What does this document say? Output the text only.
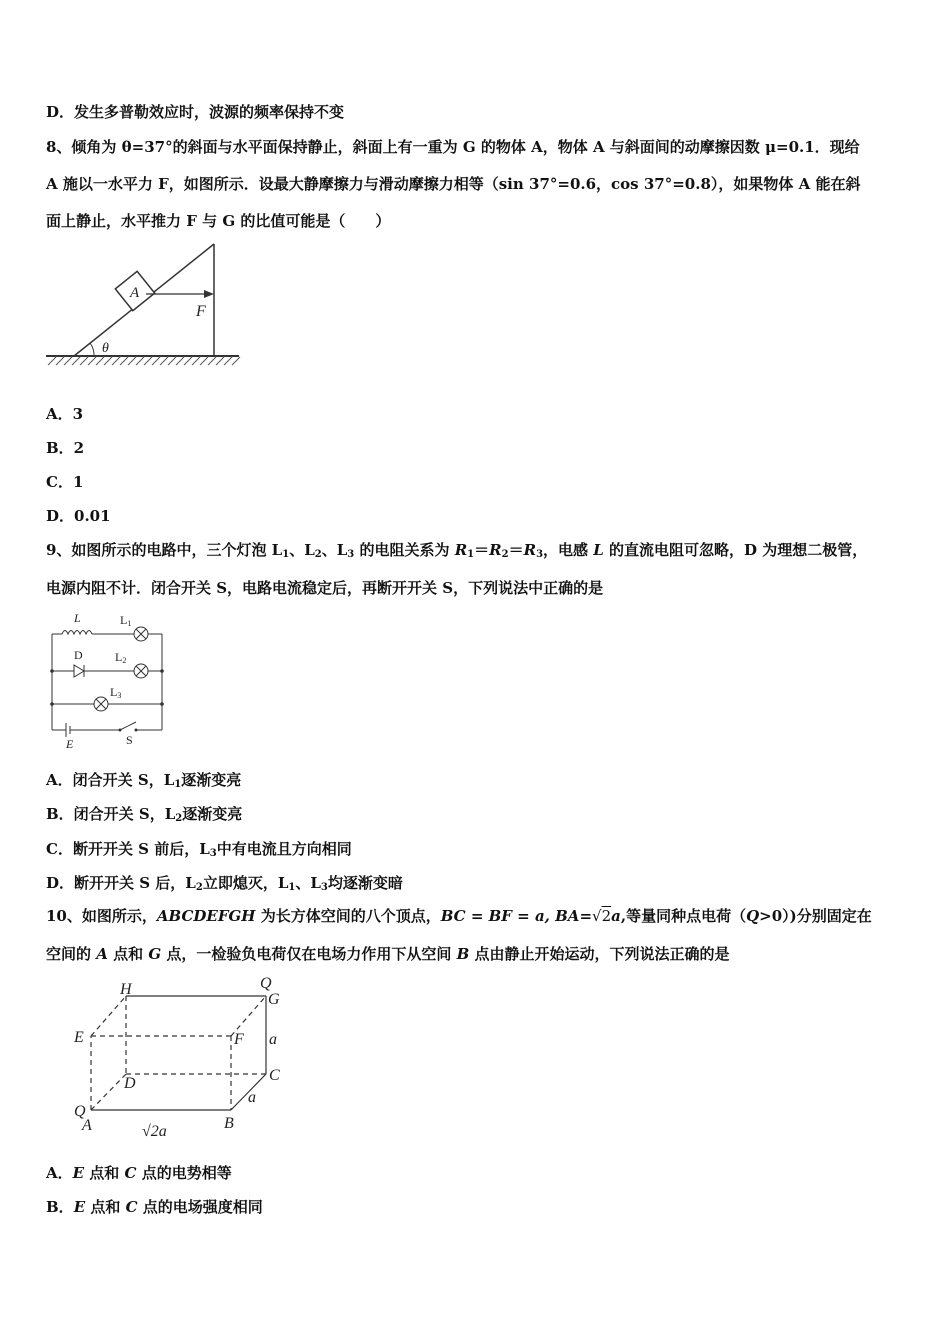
D．发生多普勒效应时，波源的频率保持不变
8、倾角为 θ=37°的斜面与水平面保持静止，斜面上有一重为 G 的物体 A，物体 A 与斜面间的动摩擦因数 μ=0.1．现给
A 施以一水平力 F，如图所示．设最大静摩擦力与滑动摩擦力相等（sin 37°=0.6，cos 37°=0.8），如果物体 A 能在斜
面上静止，水平推力 F 与 G 的比值可能是（　　）
θ
A
F
A．3
B．2
C．1
D．0.01
9、如图所示的电路中，三个灯泡 $L_1$、$L_2$、$L_3$ 的电阻关系为 $R_1=R_2=R_3$，电感 L 的直流电阻可忽略，D 为理想二极管，
电源内阻不计．闭合开关 S，电路电流稳定后，再断开开关 S，下列说法中正确的是
L	L1
D	L2
L3
E	S
A．闭合开关 S，$L_1$逐渐变亮
B．闭合开关 S，$L_2$逐渐变亮
C．断开开关 S 前后，$L_3$中有电流且方向相同
D．断开开关 S 后，$L_2$立即熄灭，$L_1$、$L_3$均逐渐变暗
10、如图所示，ABCDEFGH 为长方体空间的八个顶点，BC = BF = a, BA=√2a,等量同种点电荷（Q>0）)分别固定在
空间的 A 点和 G 点，一检验负电荷仅在电场力作用下从空间 B 点由静止开始运动，下列说法正确的是
H	Q
G
E	F a
D	C
a
Q
A	B
√2a
A．E 点和 C 点的电势相等
B．E 点和 C 点的电场强度相同
